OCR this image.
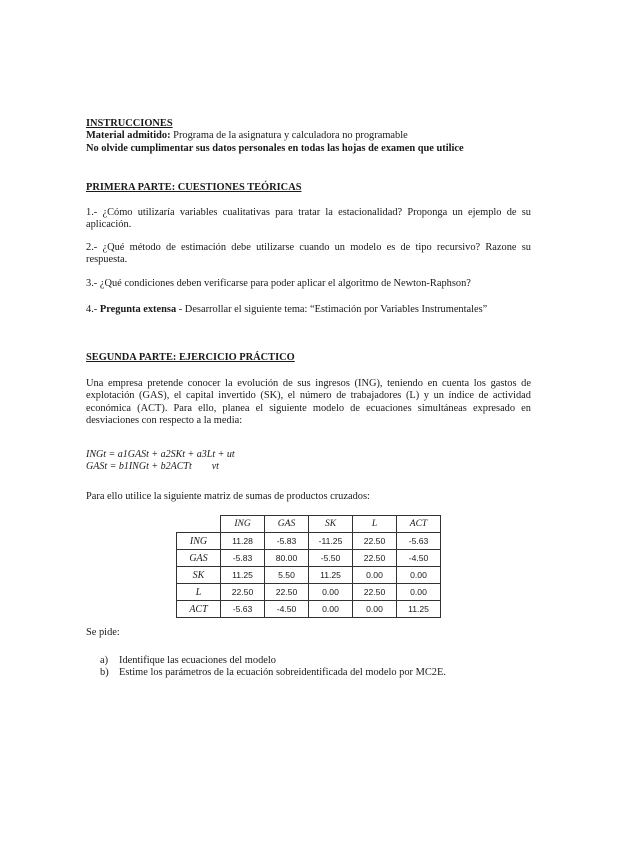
INSTRUCCIONES
Material admitido: Programa de la asignatura y calculadora no programable
No olvide cumplimentar sus datos personales en todas las hojas de examen que utilice
PRIMERA PARTE: CUESTIONES TEÓRICAS
1.- ¿Cómo utilizaría variables cualitativas para tratar la estacionalidad? Proponga un ejemplo de su aplicación.
2.- ¿Qué método de estimación debe utilizarse cuando un modelo es de tipo recursivo? Razone su respuesta.
3.- ¿Qué condiciones deben verificarse para poder aplicar el algoritmo de Newton-Raphson?
4.- Pregunta extensa - Desarrollar el siguiente tema: “Estimación por Variables Instrumentales”
SEGUNDA PARTE: EJERCICIO PRÁCTICO
Una empresa pretende conocer la evolución de sus ingresos (ING), teniendo en cuenta los gastos de explotación (GAS), el capital invertido (SK), el número de trabajadores (L) y un índice de actividad económica (ACT). Para ello, planea el siguiente modelo de ecuaciones simultáneas expresado en desviaciones con respecto a la media:
INGt = a1GASt + a2SKt + a3Lt + ut
GASt = b1INGt + b2ACTt        vt
Para ello utilice la siguiente matriz de sumas de productos cruzados:
	ING	GAS	SK	L	ACT
ING	11.28	-5.83	-11.25	22.50	-5.63
GAS	-5.83	80.00	-5.50	22.50	-4.50
SK	11.25	5.50	11.25	0.00	0.00
L	22.50	22.50	0.00	22.50	0.00
ACT	-5.63	-4.50	0.00	0.00	11.25
Se pide:
a)	Identifique las ecuaciones del modelo
b) Estime los parámetros de la ecuación sobreidentificada del modelo por MC2E.
